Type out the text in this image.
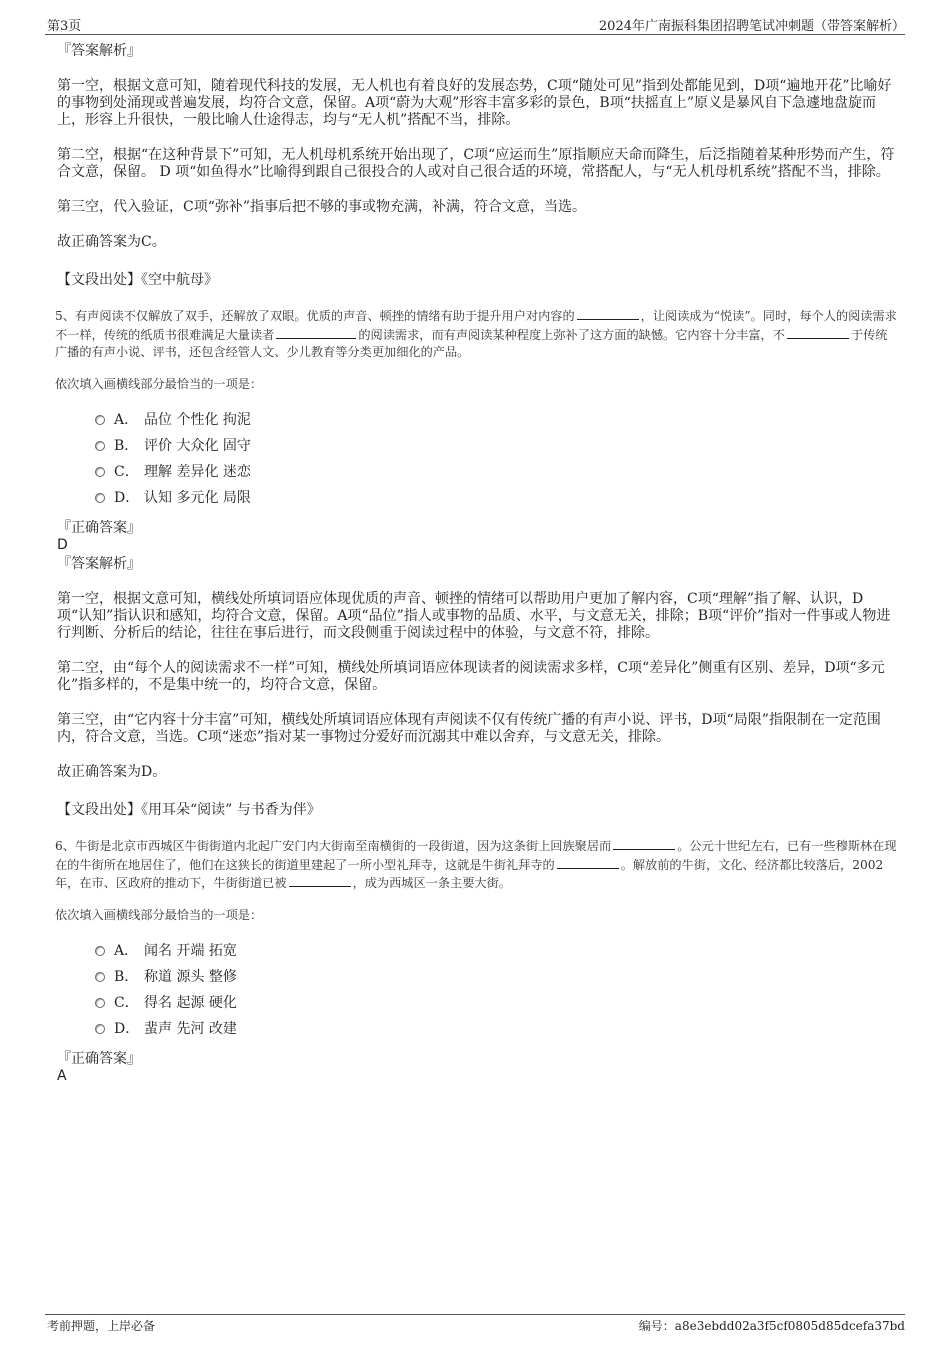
第3页	2024年广南振科集团招聘笔试冲刺题（带答案解析）

『答案解析』

第一空，根据文意可知，随着现代科技的发展，无人机也有着良好的发展态势，C项“随处可见”指到处都能见到，D项“遍地开花”比喻好的事物到处涌现或普遍发展，均符合文意，保留。A项“蔚为大观”形容丰富多彩的景色，B项“扶摇直上”原义是暴风自下急遽地盘旋而上，形容上升很快，一般比喻人仕途得志，均与“无人机”搭配不当，排除。

第二空，根据“在这种背景下”可知，无人机母机系统开始出现了，C项“应运而生”原指顺应天命而降生，后泛指随着某种形势而产生，符合文意，保留。 D 项“如鱼得水”比喻得到跟自己很投合的人或对自己很合适的环境，常搭配人，与“无人机母机系统”搭配不当，排除。

第三空，代入验证，C项“弥补”指事后把不够的事或物充满，补满，符合文意，当选。

故正确答案为C。

【文段出处】《空中航母》

5、有声阅读不仅解放了双手，还解放了双眼。优质的声音、顿挫的情绪有助于提升用户对内容的	，让阅读成为“悦读”。同时，每个人的阅读需求不一样，传统的纸质书很难满足大量读者	的阅读需求，而有声阅读某种程度上弥补了这方面的缺憾。它内容十分丰富，不	于传统广播的有声小说、评书，还包含经管人文、少儿教育等分类更加细化的产品。

依次填入画横线部分最恰当的一项是：

A． 品位 个性化 拘泥
B． 评价 大众化 固守
C． 理解 差异化 迷恋
D． 认知 多元化 局限

『正确答案』

D

『答案解析』

第一空，根据文意可知，横线处所填词语应体现优质的声音、顿挫的情绪可以帮助用户更加了解内容，C项“理解”指了解、认识，D项“认知”指认识和感知，均符合文意，保留。A项“品位”指人或事物的品质、水平，与文意无关，排除；B项“评价”指对一件事或人物进行判断、分析后的结论，往往在事后进行，而文段侧重于阅读过程中的体验，与文意不符，排除。

第二空，由“每个人的阅读需求不一样”可知，横线处所填词语应体现读者的阅读需求多样，C项“差异化”侧重有区别、差异，D项“多元化”指多样的，不是集中统一的，均符合文意，保留。

第三空，由“它内容十分丰富”可知，横线处所填词语应体现有声阅读不仅有传统广播的有声小说、评书，D项“局限”指限制在一定范围内，符合文意，当选。C项“迷恋”指对某一事物过分爱好而沉溺其中难以舍弃，与文意无关，排除。

故正确答案为D。

【文段出处】《用耳朵“阅读” 与书香为伴》

6、牛街是北京市西城区牛街街道内北起广安门内大街南至南横街的一段街道，因为这条街上回族聚居而	。公元十世纪左右，已有一些穆斯林在现在的牛街所在地居住了，他们在这狭长的街道里建起了一所小型礼拜寺，这就是牛街礼拜寺的	。解放前的牛街，文化、经济都比较落后，2002年，在市、区政府的推动下，牛街街道已被	，成为西城区一条主要大街。

依次填入画横线部分最恰当的一项是：

A． 闻名 开端 拓宽
B． 称道 源头 整修
C． 得名 起源 硬化
D． 蜚声 先河 改建

『正确答案』

A

考前押题，上岸必备	编号：a8e3ebdd02a3f5cf0805d85dcefa37bd
